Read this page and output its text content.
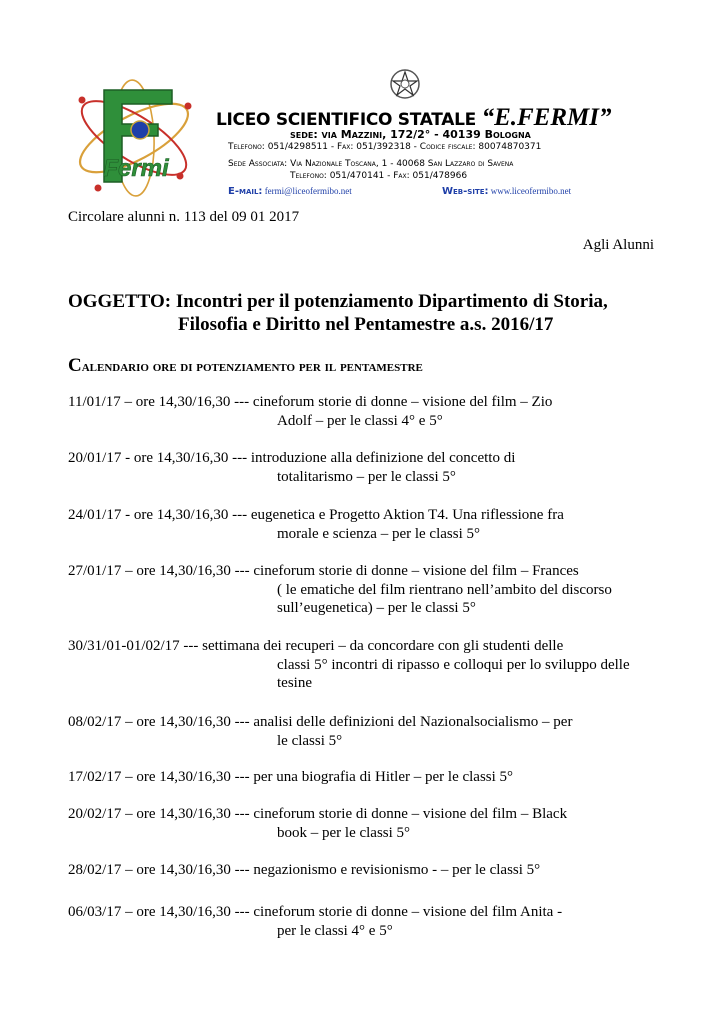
Fermi
LICEO SCIENTIFICO STATALE “E.FERMI”
sede: via Mazzini, 172/2° - 40139 Bologna
Telefono: 051/4298511 - Fax: 051/392318 - Codice fiscale: 80074870371
Sede Associata: Via Nazionale Toscana, 1 - 40068 San Lazzaro di Savena
Telefono: 051/470141 - Fax: 051/478966
E-mail: fermi@liceofermibo.net	Web-site: www.liceofermibo.net
Circolare alunni n. 113 del 09 01 2017
Agli Alunni
OGGETTO: Incontri per il potenziamento Dipartimento di Storia,
Filosofia e Diritto nel Pentamestre a.s. 2016/17
Calendario ore di potenziamento per il pentamestre
11/01/17 – ore 14,30/16,30 --- cineforum storie di donne – visione del film – Zio
Adolf – per le classi 4° e 5°
20/01/17 - ore 14,30/16,30 --- introduzione alla definizione del concetto di
totalitarismo – per le classi 5°
24/01/17 - ore 14,30/16,30 --- eugenetica e Progetto Aktion T4. Una riflessione fra
morale e scienza – per le classi 5°
27/01/17 – ore 14,30/16,30 --- cineforum storie di donne – visione del film – Frances
( le ematiche del film rientrano nell’ambito del discorso sull’eugenetica) – per le classi 5°
30/31/01-01/02/17 --- settimana dei recuperi – da concordare con gli studenti delle
classi 5° incontri di ripasso e colloqui per lo sviluppo delle tesine
08/02/17 – ore 14,30/16,30 --- analisi delle definizioni del Nazionalsocialismo – per
le classi 5°
17/02/17 – ore 14,30/16,30 --- per una biografia di Hitler – per le classi 5°
20/02/17 – ore 14,30/16,30 --- cineforum storie di donne – visione del film – Black
book – per le classi 5°
28/02/17 – ore 14,30/16,30 --- negazionismo e revisionismo - – per le classi 5°
06/03/17 – ore 14,30/16,30 --- cineforum storie di donne – visione del film Anita -
per le classi 4° e 5°
